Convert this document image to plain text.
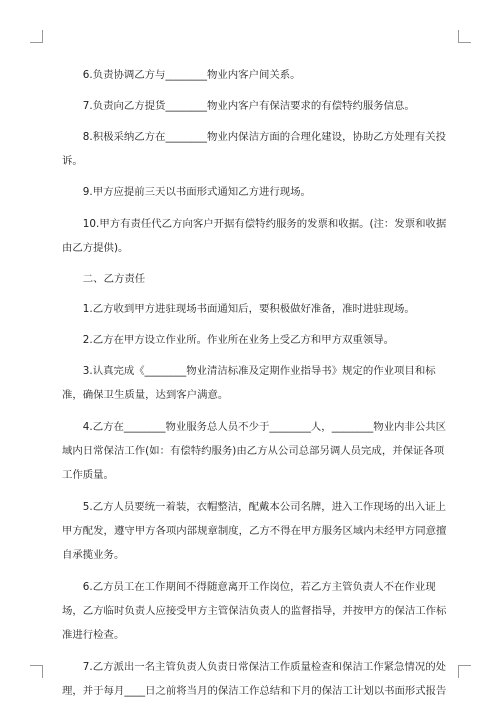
6.负责协调乙方与________物业内客户间关系。

7.负责向乙方提货________物业内客户有保洁要求的有偿特约服务信息。

8.积极采纳乙方在________物业内保洁方面的合理化建设，协助乙方处理有关投诉。

9.甲方应提前三天以书面形式通知乙方进行现场。

10.甲方有责任代乙方向客户开据有偿特约服务的发票和收据。(注：发票和收据由乙方提供)。

二、乙方责任

1.乙方收到甲方进驻现场书面通知后，要积极做好准备，准时进驻现场。

2.乙方在甲方设立作业所。作业所在业务上受乙方和甲方双重领导。

3.认真完成《________物业清洁标准及定期作业指导书》规定的作业项目和标准，确保卫生质量，达到客户满意。

4.乙方在________物业服务总人员不少于________人，________物业内非公共区域内日常保洁工作(如：有偿特约服务)由乙方从公司总部另调人员完成，并保证各项工作质量。

5.乙方人员要统一着装，衣帽整洁，配戴本公司名牌，进入工作现场的出入证上甲方配发，遵守甲方各项内部规章制度，乙方不得在甲方服务区域内未经甲方同意擅自承揽业务。

6.乙方员工在工作期间不得随意离开工作岗位，若乙方主管负责人不在作业现场，乙方临时负责人应接受甲方主管保洁负责人的监督指导，并按甲方的保洁工作标准进行检查。

7.乙方派出一名主管负责人负责日常保洁工作质量检查和保洁工作紧急情况的处理，并于每月____日之前将当月的保洁工作总结和下月的保洁工计划以书面形式报告
